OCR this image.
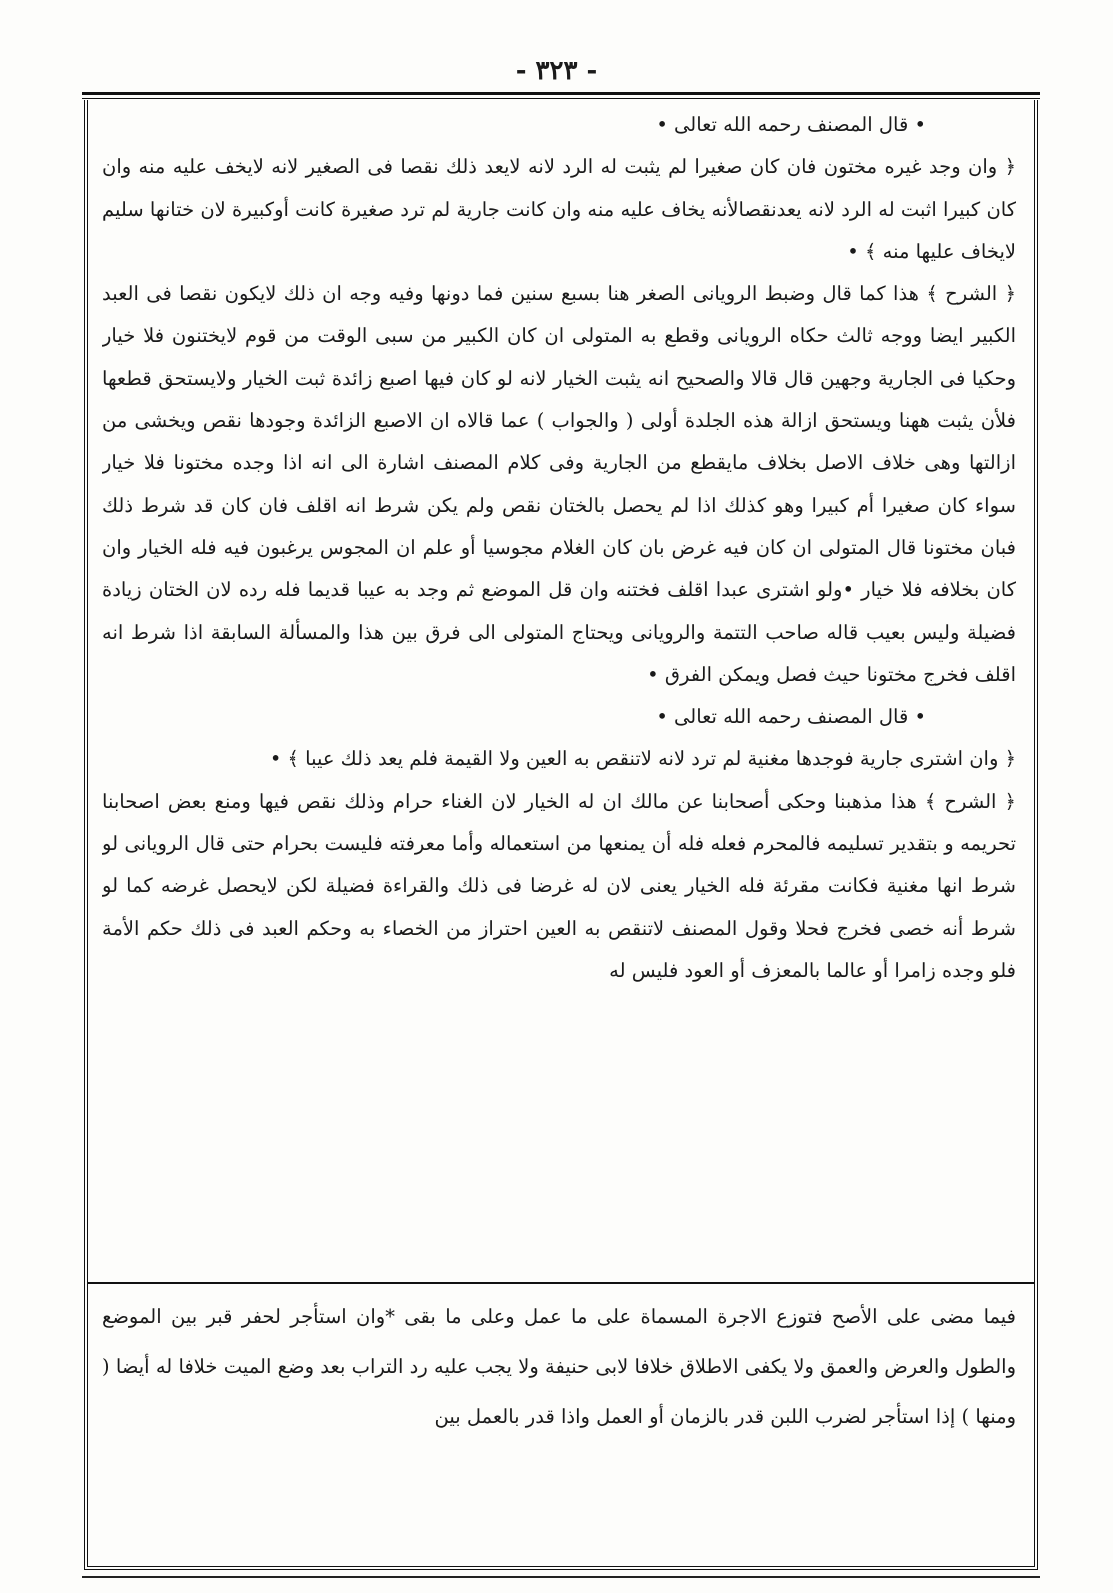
- ٣٢٣ -

• قال المصنف رحمه الله تعالى •

﴿ وان وجد غيره مختون فان كان صغيرا لم يثبت له الرد لانه لايعد ذلك نقصا فى الصغير لانه لايخف عليه منه وان كان كبيرا اثبت له الرد لانه يعدنقصالأنه يخاف عليه منه وان كانت جارية لم ترد صغيرة كانت أوكبيرة لان ختانها سليم لايخاف عليها منه ﴾ •

﴿ الشرح ﴾ هذا كما قال وضبط الرويانى الصغر هنا بسبع سنين فما دونها وفيه وجه ان ذلك لايكون نقصا فى العبد الكبير ايضا ووجه ثالث حكاه الرويانى وقطع به المتولى ان كان الكبير من سبى الوقت من قوم لايختنون فلا خيار وحكيا فى الجارية وجهين قال قالا والصحيح انه يثبت الخيار لانه لو كان فيها اصبع زائدة ثبت الخيار ولايستحق قطعها فلأن يثبت ههنا ويستحق ازالة هذه الجلدة أولى ( والجواب ) عما قالاه ان الاصبع الزائدة وجودها نقص ويخشى من ازالتها وهى خلاف الاصل بخلاف مايقطع من الجارية وفى كلام المصنف اشارة الى انه اذا وجده مختونا فلا خيار سواء كان صغيرا أم كبيرا وهو كذلك اذا لم يحصل بالختان نقص ولم يكن شرط انه اقلف فان كان قد شرط ذلك فبان مختونا قال المتولى ان كان فيه غرض بان كان الغلام مجوسيا أو علم ان المجوس يرغبون فيه فله الخيار وان كان بخلافه فلا خيار •ولو اشترى عبدا اقلف فختنه وان قل الموضع ثم وجد به عيبا قديما فله رده لان الختان زيادة فضيلة وليس بعيب قاله صاحب التتمة والرويانى ويحتاج المتولى الى فرق بين هذا والمسألة السابقة اذا شرط انه اقلف فخرج مختونا حيث فصل ويمكن الفرق •

• قال المصنف رحمه الله تعالى •

﴿ وان اشترى جارية فوجدها مغنية لم ترد لانه لاتنقص به العين ولا القيمة فلم يعد ذلك عيبا ﴾ •

﴿ الشرح ﴾ هذا مذهبنا وحكى أصحابنا عن مالك ان له الخيار لان الغناء حرام وذلك نقص فيها ومنع بعض اصحابنا تحريمه و بتقدير تسليمه فالمحرم فعله فله أن يمنعها من استعماله وأما معرفته فليست بحرام حتى قال الرويانى لو شرط انها مغنية فكانت مقرئة فله الخيار يعنى لان له غرضا فى ذلك والقراءة فضيلة لكن لايحصل غرضه كما لو شرط أنه خصى فخرج فحلا وقول المصنف لاتنقص به العين احتراز من الخصاء به وحكم العبد فى ذلك حكم الأمة فلو وجده زامرا أو عالما بالمعزف أو العود فليس له

فيما مضى على الأصح فتوزع الاجرة المسماة على ما عمل وعلى ما بقى *وان استأجر لحفر قبر بين الموضع والطول والعرض والعمق ولا يكفى الاطلاق خلافا لابى حنيفة ولا يجب عليه رد التراب بعد وضع الميت خلافا له أيضا ( ومنها ) إذا استأجر لضرب اللبن قدر بالزمان أو العمل واذا قدر بالعمل بين
